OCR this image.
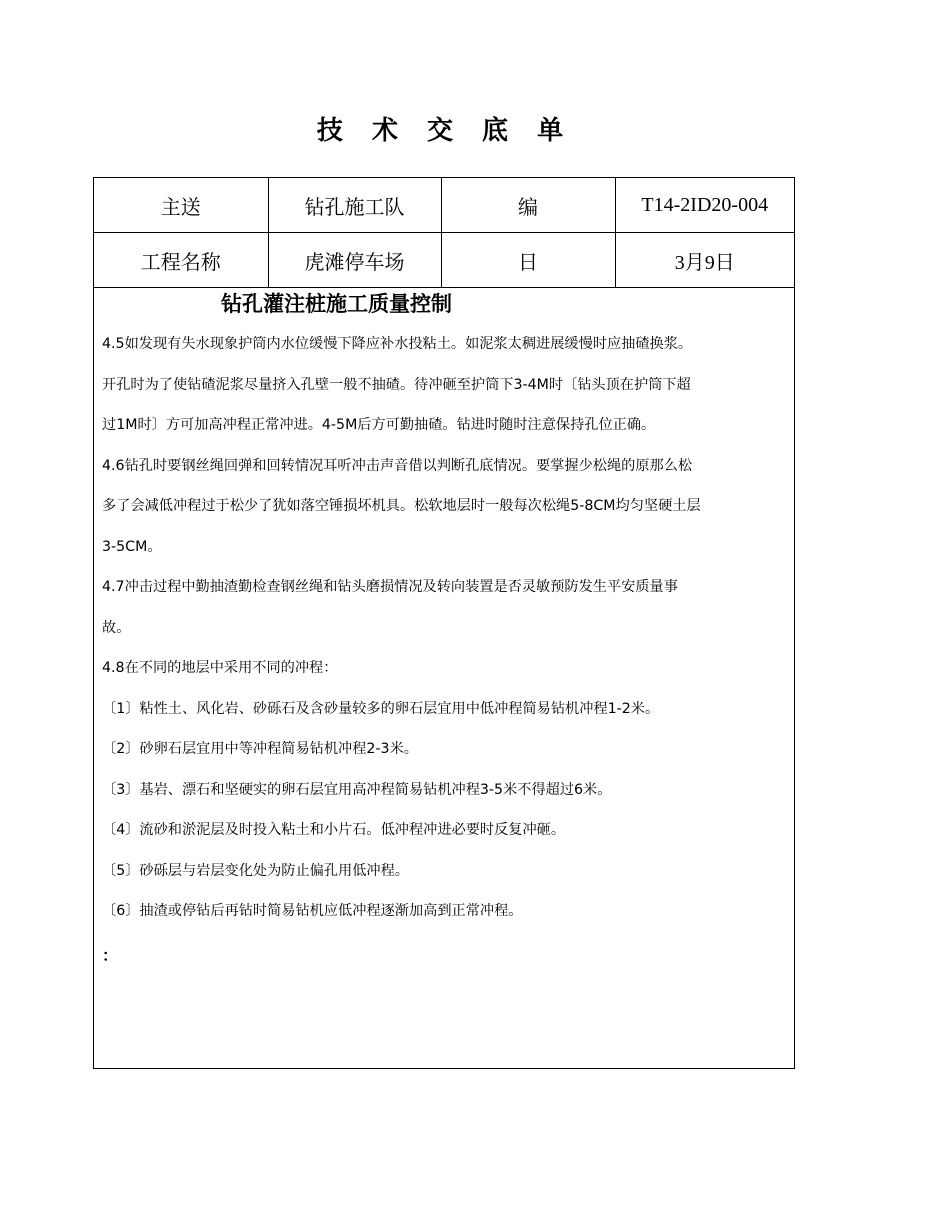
技 术 交 底 单
主送	钻孔施工队	编	T14-2ID20-004
工程名称	虎滩停车场	日	3月9日
钻孔灌注桩施工质量控制
4.5如发现有失水现象护筒内水位缓慢下降应补水投粘土。如泥浆太稠进展缓慢时应抽碴换浆。
开孔时为了使钻碴泥浆尽量挤入孔壁一般不抽碴。待冲砸至护筒下3-4M时〔钻头顶在护筒下超
过1M时〕方可加高冲程正常冲进。4-5M后方可勤抽碴。钻进时随时注意保持孔位正确。
4.6钻孔时要钢丝绳回弹和回转情况耳听冲击声音借以判断孔底情况。要掌握少松绳的原那么松
多了会减低冲程过于松少了犹如落空锤损坏机具。松软地层时一般每次松绳5-8CM均匀坚硬土层
3-5CM。
4.7冲击过程中勤抽渣勤检查钢丝绳和钻头磨损情况及转向装置是否灵敏预防发生平安质量事
故。
4.8在不同的地层中采用不同的冲程：
〔1〕粘性土、风化岩、砂砾石及含砂量较多的卵石层宜用中低冲程简易钻机冲程1-2米。
〔2〕砂卵石层宜用中等冲程简易钻机冲程2-3米。
〔3〕基岩、漂石和坚硬实的卵石层宜用高冲程简易钻机冲程3-5米不得超过6米。
〔4〕流砂和淤泥层及时投入粘土和小片石。低冲程冲进必要时反复冲砸。
〔5〕砂砾层与岩层变化处为防止偏孔用低冲程。
〔6〕抽渣或停钻后再钻时简易钻机应低冲程逐渐加高到正常冲程。
：
